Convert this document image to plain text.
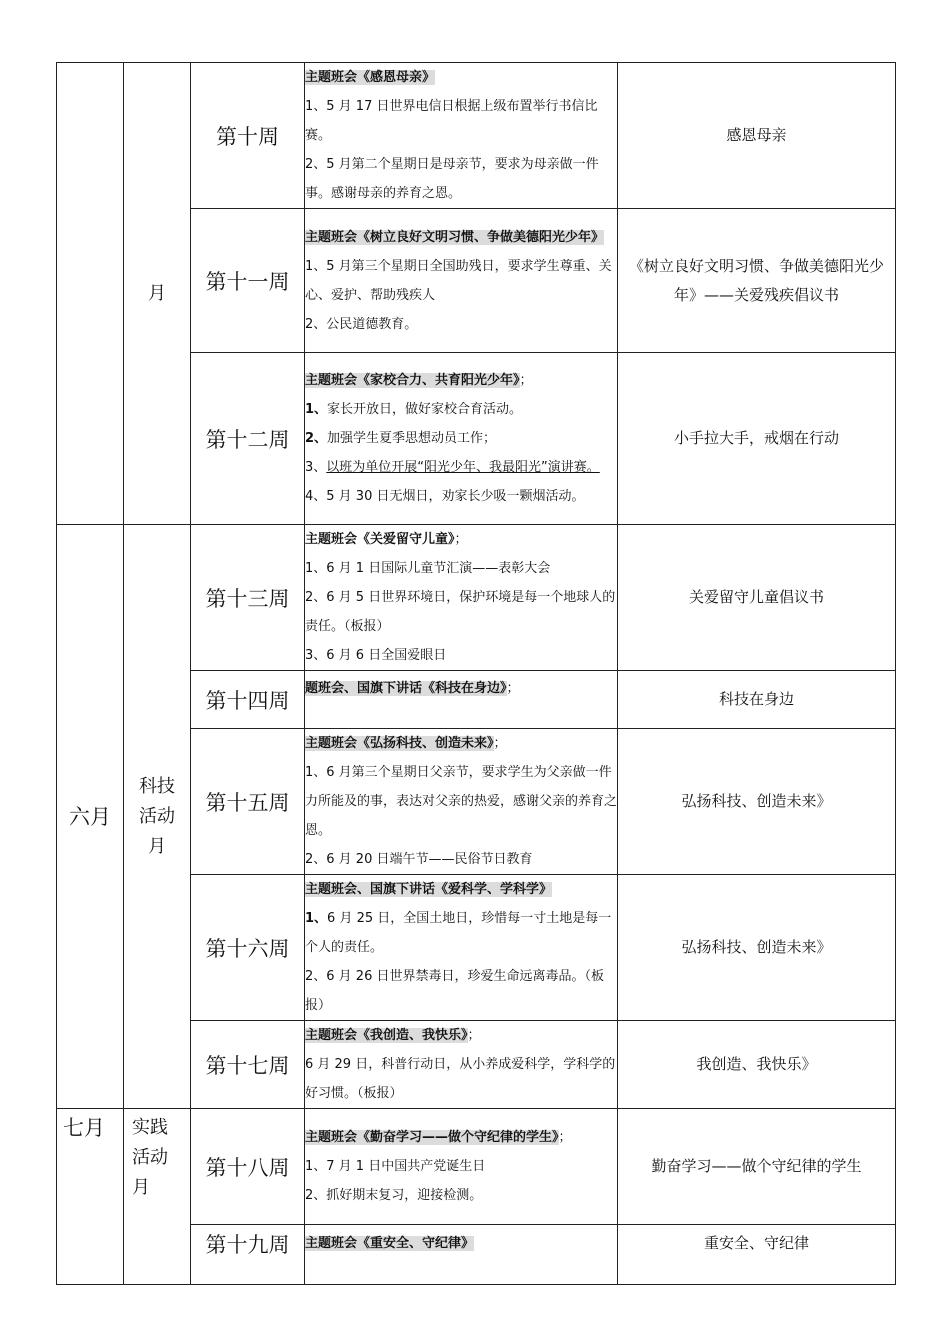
	月	第十周	主题班会《感恩母亲》
1、5 月 17 日世界电信日根据上级布置举行书信比赛。
2、5 月第二个星期日是母亲节，要求为母亲做一件事。感谢母亲的养育之恩。	感恩母亲
		第十一周	主题班会《树立良好文明习惯、争做美德阳光少年》
1、5 月第三个星期日全国助残日，要求学生尊重、关心、爱护、帮助残疾人
2、公民道德教育。	《树立良好文明习惯、争做美德阳光少年》——关爱残疾倡议书
		第十二周	主题班会《家校合力、共育阳光少年》；
1、家长开放日，做好家校合育活动。
2、加强学生夏季思想动员工作；
3、以班为单位开展“阳光少年、我最阳光”演讲赛。
4、5 月 30 日无烟日，劝家长少吸一颗烟活动。	小手拉大手，戒烟在行动
六月	科技活动月	第十三周	主题班会《关爱留守儿童》；
1、6 月 1 日国际儿童节汇演——表彰大会
2、6 月 5 日世界环境日，保护环境是每一个地球人的责任。（板报）
3、6 月 6 日全国爱眼日	关爱留守儿童倡议书
		第十四周	题班会、国旗下讲话《科技在身边》；	科技在身边
		第十五周	主题班会《弘扬科技、创造未来》；
1、6 月第三个星期日父亲节，要求学生为父亲做一件力所能及的事，表达对父亲的热爱，感谢父亲的养育之恩。
2、6 月 20 日端午节——民俗节日教育	弘扬科技、创造未来》
		第十六周	主题班会、国旗下讲话《爱科学、学科学》
1、6 月 25 日，全国土地日，珍惜每一寸土地是每一个人的责任。
2、6 月 26 日世界禁毒日，珍爱生命远离毒品。（板报）	弘扬科技、创造未来》
		第十七周	主题班会《我创造、我快乐》；
6 月 29 日，科普行动日，从小养成爱科学，学科学的好习惯。（板报）	我创造、我快乐》
七月	实践活动月	第十八周	主题班会《勤奋学习——做个守纪律的学生》；
1、7 月 1 日中国共产党诞生日
2、抓好期末复习，迎接检测。	勤奋学习——做个守纪律的学生
		第十九周	主题班会《重安全、守纪律》	重安全、守纪律
